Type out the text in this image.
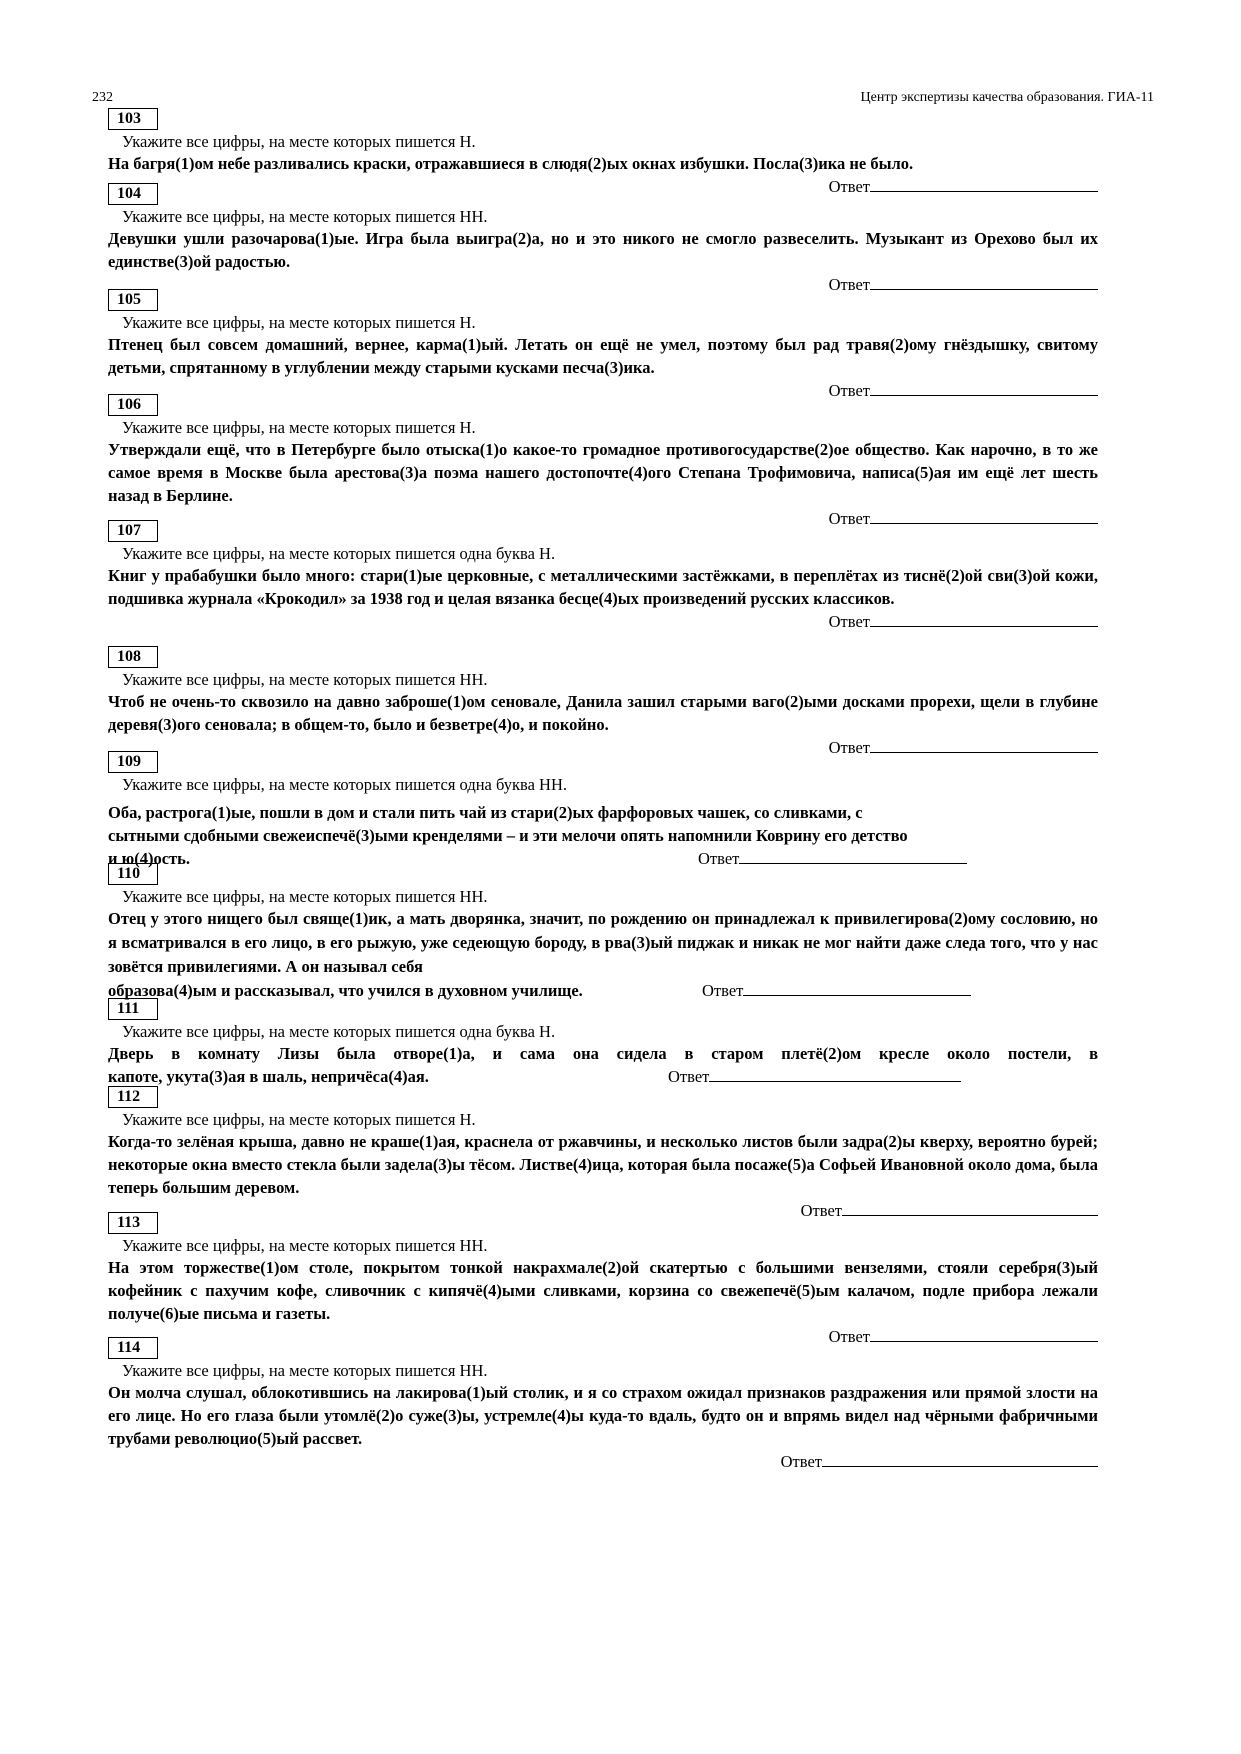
232	Центр экспертизы качества образования. ГИА-11
103
Укажите все цифры, на месте которых пишется Н.
На багря(1)ом небе разливались краски, отражавшиеся в слюдя(2)ых окнах избушки. Посла(3)ика не было.
Ответ
104
Укажите все цифры, на месте которых пишется НН.
Девушки ушли разочарова(1)ые. Игра была выигра(2)а, но и это никого не смогло развеселить. Музыкант из Орехово был их единстве(3)ой радостью.
Ответ
105
Укажите все цифры, на месте которых пишется Н.
Птенец был совсем домашний, вернее, карма(1)ый. Летать он ещё не умел, поэтому был рад травя(2)ому гнёздышку, свитому детьми, спрятанному в углублении между старыми кусками песча(3)ика.
Ответ
106
Укажите все цифры, на месте которых пишется Н.
Утверждали ещё, что в Петербурге было отыска(1)о какое-то громадное противогосударстве(2)ое общество. Как нарочно, в то же самое время в Москве была арестова(3)а поэма нашего достопочте(4)ого Степана Трофимовича, написа(5)ая им ещё лет шесть назад в Берлине.
Ответ
107
Укажите все цифры, на месте которых пишется одна буква Н.
Книг у прабабушки было много: стари(1)ые церковные, с металлическими застёжками, в переплётах из тиснё(2)ой сви(3)ой кожи, подшивка журнала «Крокодил» за 1938 год и целая вязанка бесце(4)ых произведений русских классиков.
Ответ
108
Укажите все цифры, на месте которых пишется НН.
Чтоб не очень-то сквозило на давно заброше(1)ом сеновале, Данила зашил старыми ваго(2)ыми досками прорехи, щели в глубине деревя(3)ого сеновала; в общем-то, было и безветре(4)о, и покойно.
Ответ
109
Укажите все цифры, на месте которых пишется одна буква НН.
Оба, растрога(1)ые, пошли в дом и стали пить чай из стари(2)ых фарфоровых чашек, со сливками, с
сытными сдобными свежеиспечё(3)ыми кренделями – и эти мелочи опять напомнили Коврину его детство
и ю(4)ость.	Ответ
110
Укажите все цифры, на месте которых пишется НН.
Отец у этого нищего был свяще(1)ик, а мать дворянка, значит, по рождению он принадлежал к привилегирова(2)ому сословию, но я всматривался в его лицо, в его рыжую, уже седеющую бороду, в рва(3)ый пиджак и никак не мог найти даже следа того, что у нас зовётся привилегиями. А он называл себя
образова(4)ым и рассказывал, что учился в духовном училище.	Ответ
111
Укажите все цифры, на месте которых пишется одна буква Н.
Дверь в комнату Лизы была отворе(1)а, и сама она сидела в старом плетё(2)ом кресле около постели, в
капоте, укута(3)ая в шаль, непричёса(4)ая.	Ответ
112
Укажите все цифры, на месте которых пишется Н.
Когда-то зелёная крыша, давно не краше(1)ая, краснела от ржавчины, и несколько листов были задра(2)ы кверху, вероятно бурей; некоторые окна вместо стекла были задела(3)ы тёсом. Листве(4)ица, которая была посаже(5)а Софьей Ивановной около дома, была теперь большим деревом.
Ответ
113
Укажите все цифры, на месте которых пишется НН.
На этом торжестве(1)ом столе, покрытом тонкой накрахмале(2)ой скатертью с большими вензелями, стояли серебря(3)ый кофейник с пахучим кофе, сливочник с кипячё(4)ыми сливками, корзина со свежепечё(5)ым калачом, подле прибора лежали получе(6)ые письма и газеты.
Ответ
114
Укажите все цифры, на месте которых пишется НН.
Он молча слушал, облокотившись на лакирова(1)ый столик, и я со страхом ожидал признаков раздражения или прямой злости на его лице. Но его глаза были утомлё(2)о суже(3)ы, устремле(4)ы куда-то вдаль, будто он и впрямь видел над чёрными фабричными трубами революцио(5)ый рассвет.
Ответ
